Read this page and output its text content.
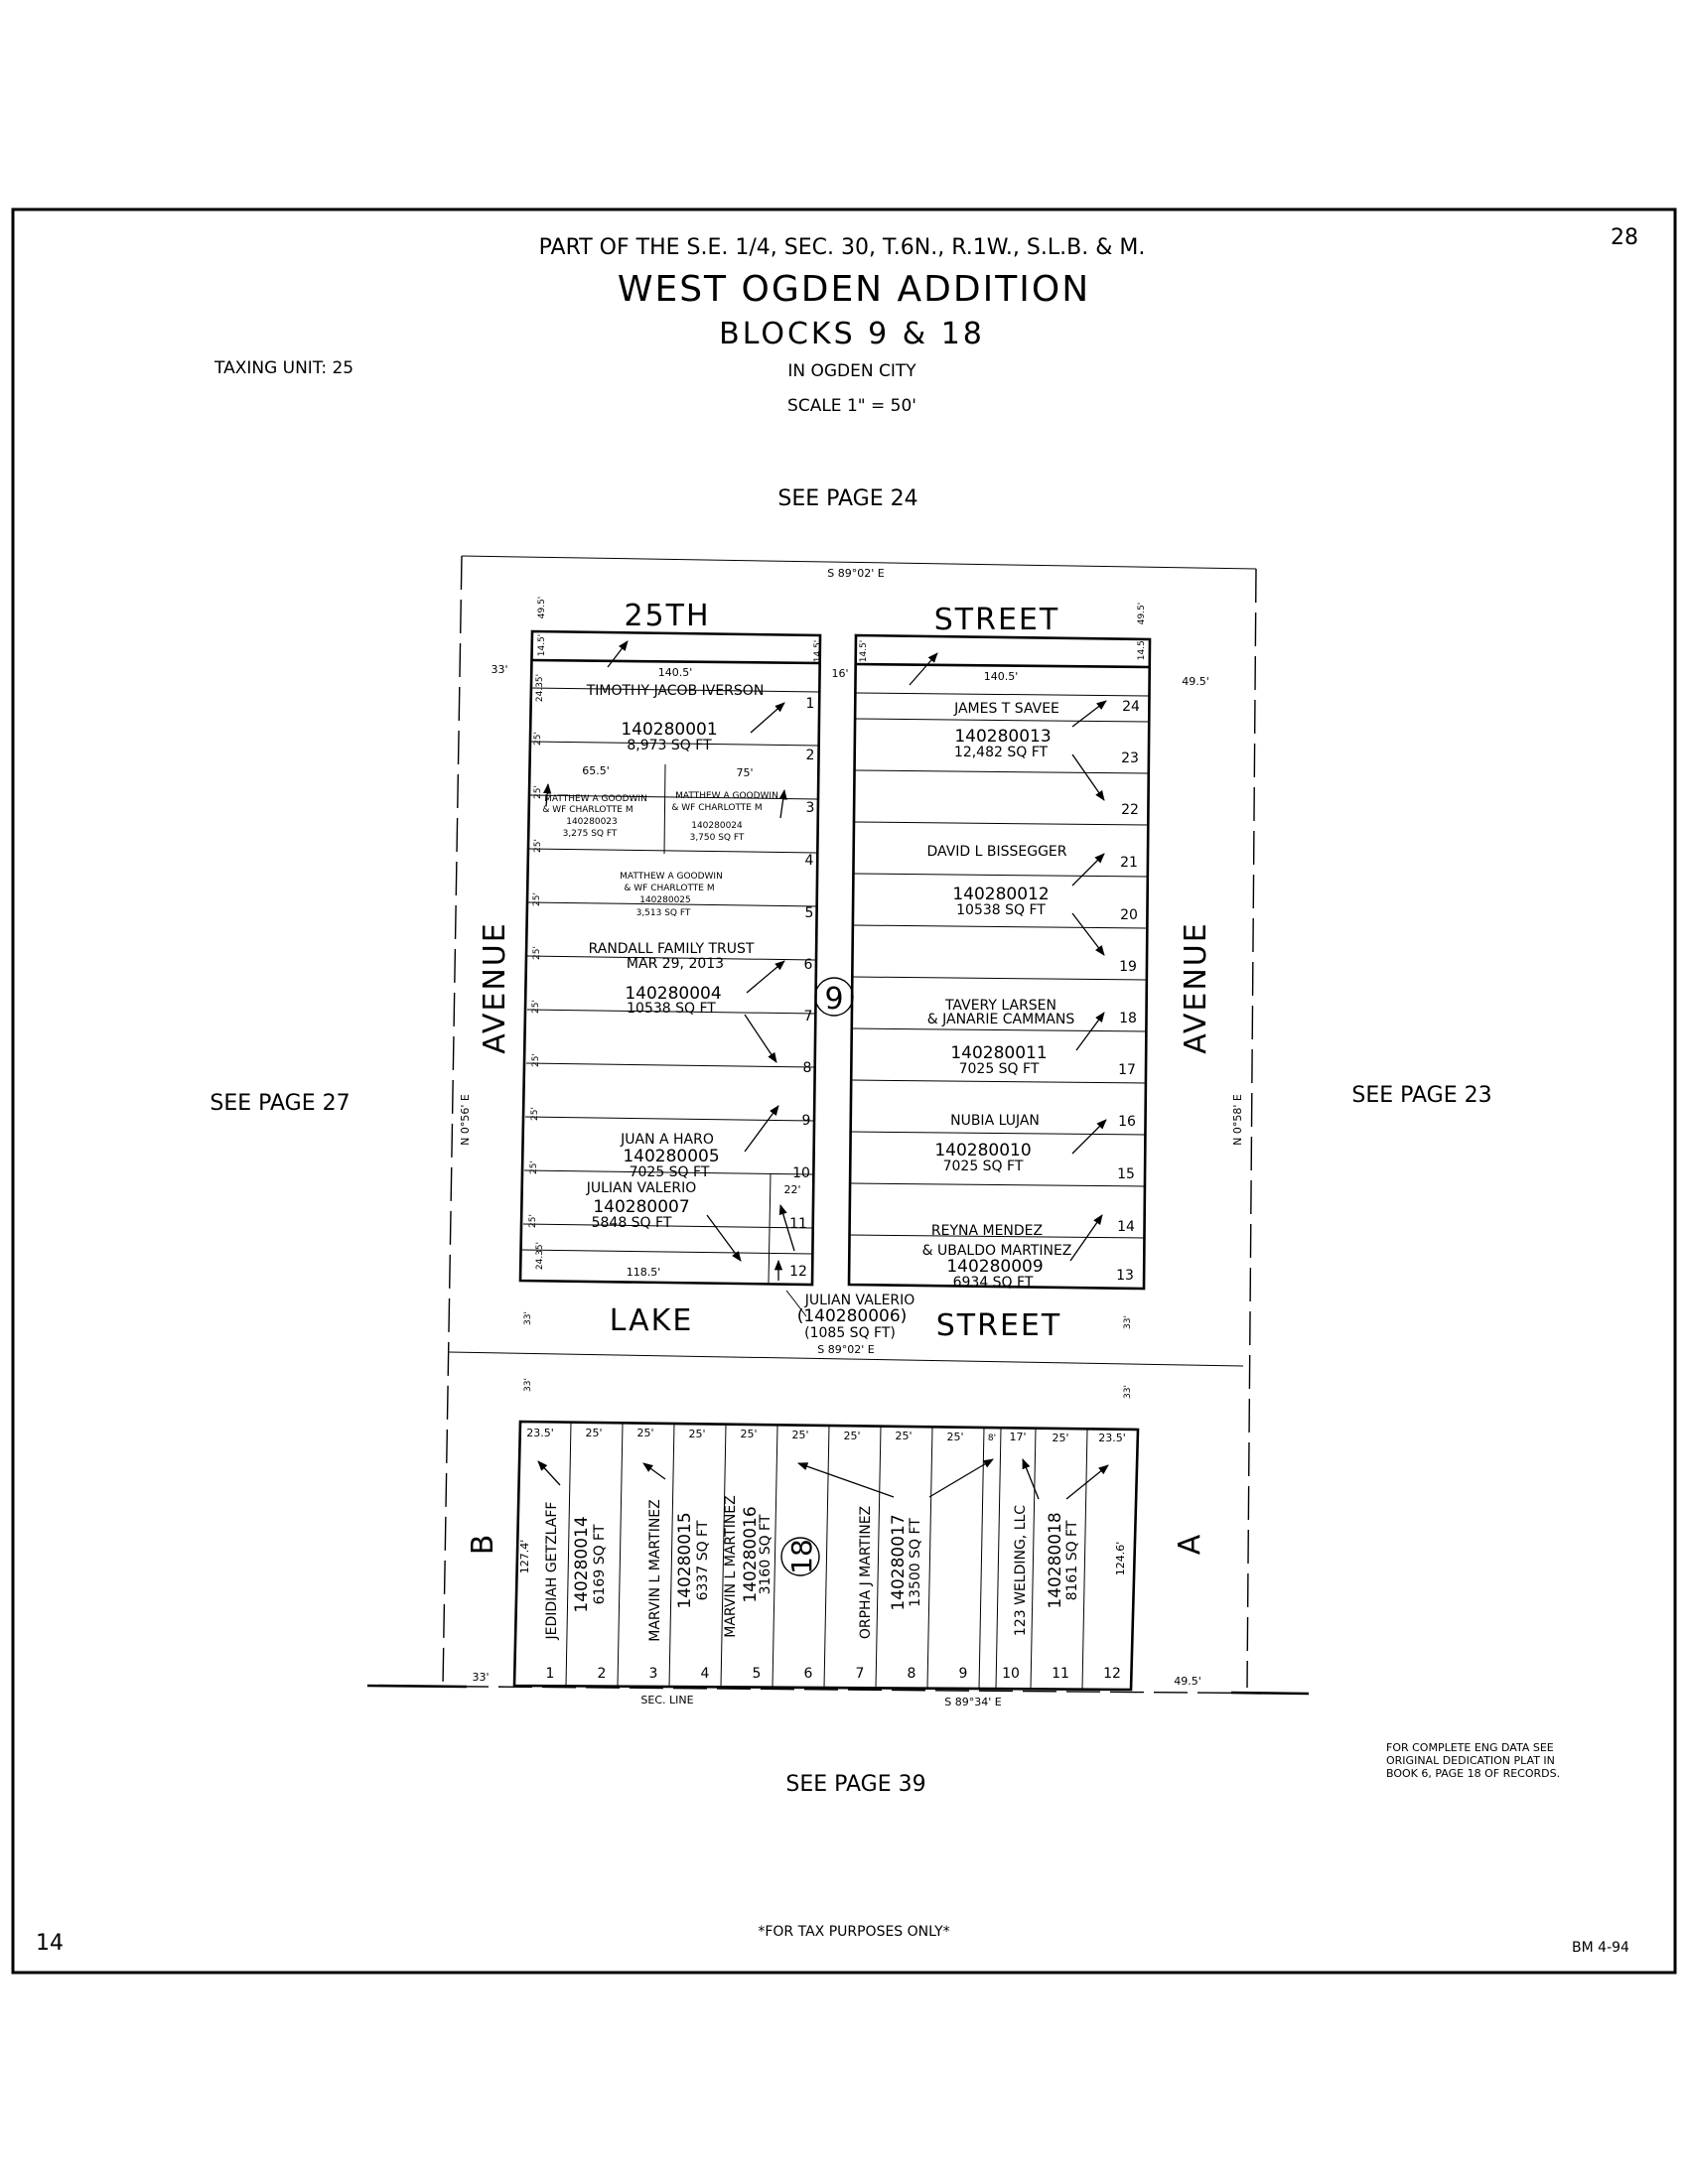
PART OF THE S.E. 1/4, SEC. 30, T.6N., R.1W., S.L.B. & M.
WEST OGDEN ADDITION
BLOCKS 9 & 18
IN OGDEN CITY
SCALE 1" = 50'
TAXING UNIT: 25
28
SEE PAGE 24
SEE PAGE 27	SEE PAGE 23
SEE PAGE 39
14	*FOR TAX PURPOSES ONLY*
BM 4-94
FOR COMPLETE ENG DATA SEE
ORIGINAL DEDICATION PLAT IN
BOOK 6, PAGE 18 OF RECORDS.
25TH	STREET
LAKE	STREET
AVENUE	AVENUE
B	A
S 89°02' E
S 89°02' E
S 89°34' E
SEC. LINE
N 0°56' E	N 0°58' E
49.5'
14.5'
49.5'
14.5'
14.5'	14.5'
33'
49.5'
16'
140.5'	140.5'
24.35'
24.35'
25'
25'
25'
25'
25'
25'
25'
25'
25'
25'
65.5'	75'
22'
118.5'
33'	33'
33'
33'
23.5'	25'	25'	25'	25'	25'	25'	25'	25'	8' 17' 25'	23.5'
33'	49.5'
127.4'	124.6'
9
18
1
2
3
4
5
6
7
8
9
10
11
12	13
14
15
16
17
18
19
20
21
22
23
24
1	2	3	4	5	6	7	8	9 10 11 12
TIMOTHY JACOB IVERSON
140280001
8,973 SQ FT
MATTHEW A GOODWIN
& WF CHARLOTTE M
140280023
3,275 SQ FT
MATTHEW A GOODWIN
& WF CHARLOTTE M
140280024
3,750 SQ FT
MATTHEW A GOODWIN
& WF CHARLOTTE M
140280025
3,513 SQ FT
RANDALL FAMILY TRUST
MAR 29, 2013
140280004
10538 SQ FT
JUAN A HARO
140280005
7025 SQ FT
JULIAN VALERIO
140280007
5848 SQ FT
JULIAN VALERIO
(140280006)
(1085 SQ FT)
JAMES T SAVEE
140280013
12,482 SQ FT
DAVID L BISSEGGER
140280012
10538 SQ FT
TAVERY LARSEN
& JANARIE CAMMANS
140280011
7025 SQ FT
NUBIA LUJAN
140280010
7025 SQ FT
REYNA MENDEZ
& UBALDO MARTINEZ
140280009
6934 SQ FT
JEDIDIAH GETZLAFF 140280014 6169 SQ FT	MARVIN L MARTINEZ 140280015 6337 SQ FT MARVIN L MARTINEZ 140280016
3160 SQ FT	ORPHA J MARTINEZ 140280017 13500 SQ FT	123 WELDING, LLC 140280018 8161 SQ FT
